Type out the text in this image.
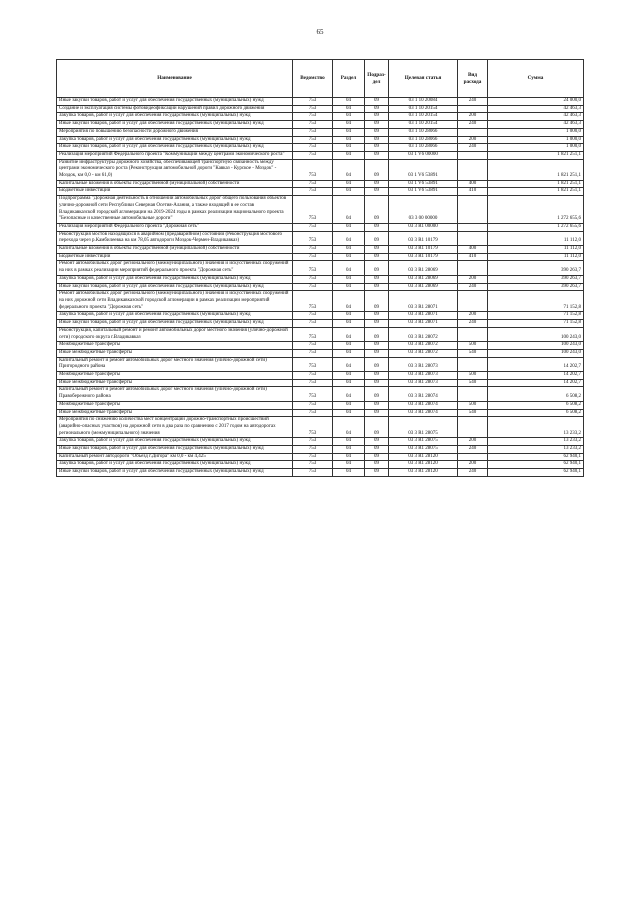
65
Наименование	Ведомство	Раздел	Подраз-дел	Целевая статья	Вид расхода	Сумма
Иные закупки товаров, работ и услуг для обеспечения государственных (муниципальных) нужд	753	04	09	03 1 10 20084	240	24 000,0
Создание и эксплуатация системы фотовидеофиксации нарушений правил дорожного движения	753	04	09	03 1 10 20154		42 463,3
Закупка товаров, работ и услуг для обеспечения государственных (муниципальных) нужд	753	04	09	03 1 10 20154	200	42 463,3
Иные закупки товаров, работ и услуг для обеспечения государственных (муниципальных) нужд	753	04	09	03 1 10 20154	240	42 463,3
Мероприятия по повышению безопасности дорожного движения	753	04	09	03 1 10 28066		1 000,0
Закупка товаров, работ и услуг для обеспечения государственных (муниципальных) нужд	753	04	09	03 1 10 28066	200	1 000,0
Иные закупки товаров, работ и услуг для обеспечения государственных (муниципальных) нужд	753	04	09	03 1 10 28066	240	1 000,0
Реализация мероприятий Федерального проекта "Коммуникации между центрами экономического роста"	753	04	09	03 1 V6 00000		1 821 251,1
Развитие инфраструктуры дорожного хозяйства, обеспечивающей транспортную связанность между центрами экономического роста (Реконструкция автомобильной дороги "Кавказ - Курское - Моздок" - Моздок, км 0,0 - км 61,0)	753	04	09	03 1 V6 53891		1 821 251,1
Капитальные вложения в объекты государственной (муниципальной) собственности	753	04	09	03 1 V6 53891	400	1 821 251,1
Бюджетные инвестиции	753	04	09	03 1 V6 53891	410	1 821 251,1
Подпрограмма "Дорожная деятельность в отношении автомобильных дорог общего пользования объектов улично-дорожной сети Республики Северная Осетия-Алания, а также входящей в ее состав Владикавказской городской агломерации на 2019-2024 годы в рамках реализации национального проекта "Безопасные и качественные автомобильные дороги"	753	04	09	03 3 00 00000		1 272 655,6
Реализация мероприятий Федерального проекта "Дорожная сеть"	753	04	09	03 3 R1 00000		1 272 655,6
Реконструкция мостов находящихся в аварийном (предаварийном) состоянии (Реконструкция мостового перехода через р.Камбилеевка на км 78,05 автодороги Моздок-Чермен-Владикавказ)	753	04	09	03 3 R1 10179		11 112,0
Капитальные вложения в объекты государственной (муниципальной) собственности	753	04	09	03 3 R1 10179	400	11 112,0
Бюджетные инвестиции	753	04	09	03 3 R1 10179	410	11 112,0
Ремонт автомобильных дорог регионального (межмуниципального) значения и искусственных сооружений на них в рамках реализации мероприятий федерального проекта "Дорожная сеть"	753	04	09	03 3 R1 28069		390 263,7
Закупка товаров, работ и услуг для обеспечения государственных (муниципальных) нужд	753	04	09	03 3 R1 28069	200	390 263,7
Иные закупки товаров, работ и услуг для обеспечения государственных (муниципальных) нужд	753	04	09	03 3 R1 28069	240	390 263,7
Ремонт автомобильных дорог регионального (межмуниципального) значения и искусственных сооружений на них дорожной сети Владикавказской городской агломерации в рамках реализации мероприятий федерального проекта "Дорожная сеть"	753	04	09	03 3 R1 28071		71 152,8
Закупка товаров, работ и услуг для обеспечения государственных (муниципальных) нужд	753	04	09	03 3 R1 28071	200	71 152,8
Иные закупки товаров, работ и услуг для обеспечения государственных (муниципальных) нужд	753	04	09	03 3 R1 28071	240	71 152,8
Реконструкция, капитальный ремонт и ремонт автомобильных дорог местного значения (улично-дорожной сети) городского округа г.Владикавказ	753	04	09	03 3 R1 28072		100 243,0
Межбюджетные трансферты	753	04	09	03 3 R1 28072	500	100 243,0
Иные межбюджетные трансферты	753	04	09	03 3 R1 28072	540	100 243,0
Капитальный ремонт и ремонт автомобильных дорог местного значения (улично-дорожной сети) Пригородного района	753	04	09	03 3 R1 28073		14 202,7
Межбюджетные трансферты	753	04	09	03 3 R1 28073	500	14 202,7
Иные межбюджетные трансферты	753	04	09	03 3 R1 28073	540	14 202,7
Капитальный ремонт и ремонт автомобильных дорог местного значения (улично-дорожной сети) Правобережного района	753	04	09	03 3 R1 28074		6 508,2
Межбюджетные трансферты	753	04	09	03 3 R1 28074	500	6 508,2
Иные межбюджетные трансферты	753	04	09	03 3 R1 28074	540	6 508,2
Мероприятия по снижению количества мест концентрации дорожно-транспортных происшествий (аварийно-опасных участков) на дорожной сети в два раза по сравнению с 2017 годом на автодорогах регионального (межмуниципального) значения	753	04	09	03 3 R1 28075		13 233,2
Закупка товаров, работ и услуг для обеспечения государственных (муниципальных) нужд	753	04	09	03 3 R1 28075	200	13 233,2
Иные закупки товаров, работ и услуг для обеспечения государственных (муниципальных) нужд	753	04	09	03 3 R1 28075	240	13 233,2
Капитальный ремонт автодороги "Объезд г.Дигора" км 0,0 - км 4,425	753	04	09	03 3 R1 28120		62 940,1
Закупка товаров, работ и услуг для обеспечения государственных (муниципальных) нужд	753	04	09	03 3 R1 28120	200	62 940,1
Иные закупки товаров, работ и услуг для обеспечения государственных (муниципальных) нужд	753	04	09	03 3 R1 28120	240	62 940,1
